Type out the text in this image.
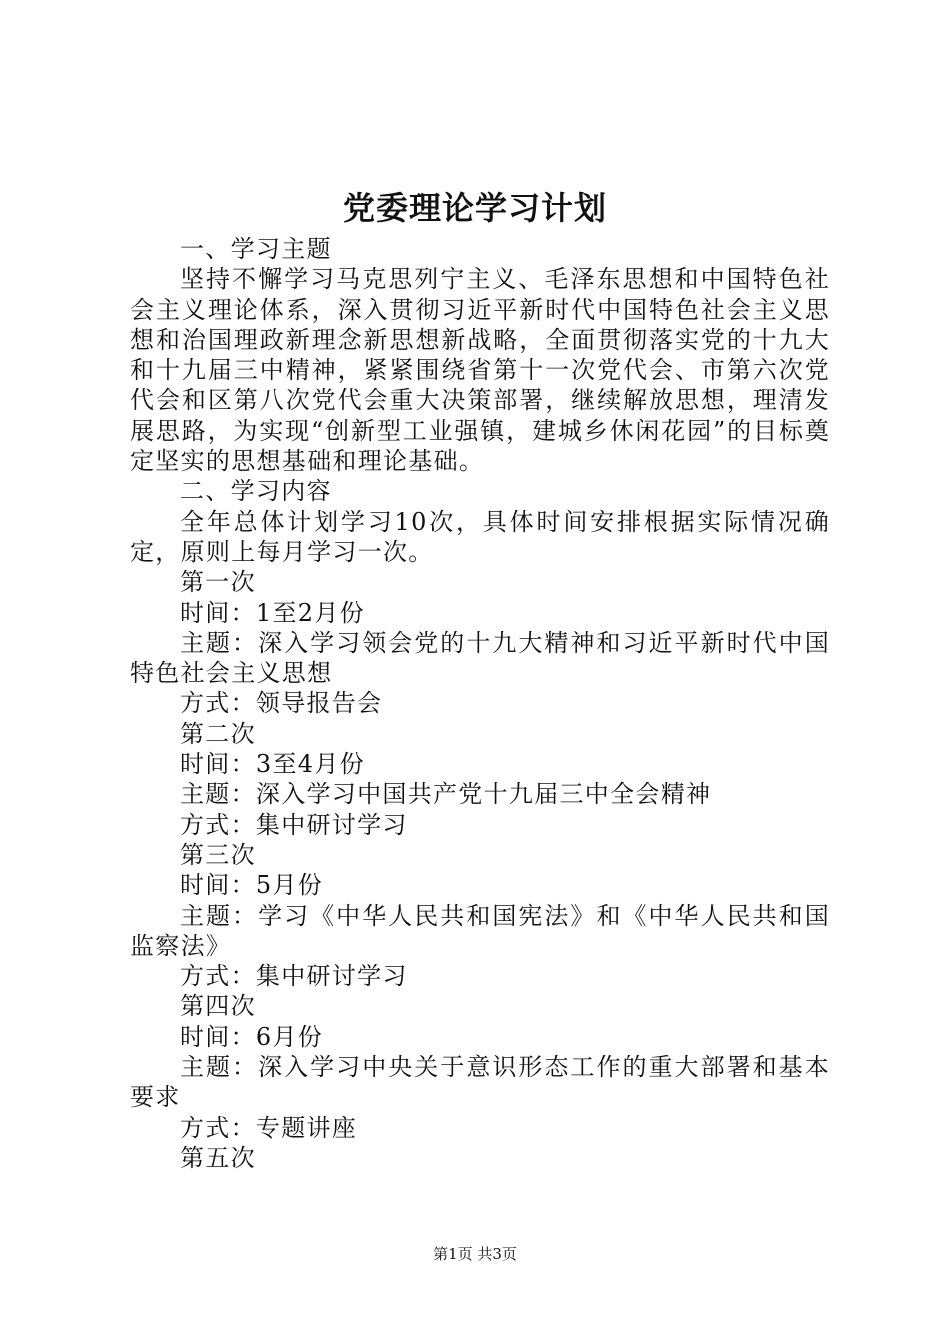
党委理论学习计划

一、学习主题

坚持不懈学习马克思列宁主义、毛泽东思想和中国特色社会主义理论体系，深入贯彻习近平新时代中国特色社会主义思想和治国理政新理念新思想新战略，全面贯彻落实党的十九大和十九届三中精神，紧紧围绕省第十一次党代会、市第六次党代会和区第八次党代会重大决策部署，继续解放思想，理清发展思路，为实现“创新型工业强镇，建城乡休闲花园”的目标奠定坚实的思想基础和理论基础。

二、学习内容

全年总体计划学习10次，具体时间安排根据实际情况确定，原则上每月学习一次。

第一次

时间：1至2月份

主题：深入学习领会党的十九大精神和习近平新时代中国特色社会主义思想

方式：领导报告会

第二次

时间：3至4月份

主题：深入学习中国共产党十九届三中全会精神

方式：集中研讨学习

第三次

时间：5月份

主题：学习《中华人民共和国宪法》和《中华人民共和国监察法》

方式：集中研讨学习

第四次

时间：6月份

主题：深入学习中央关于意识形态工作的重大部署和基本要求

方式：专题讲座

第五次

第1页 共3页
